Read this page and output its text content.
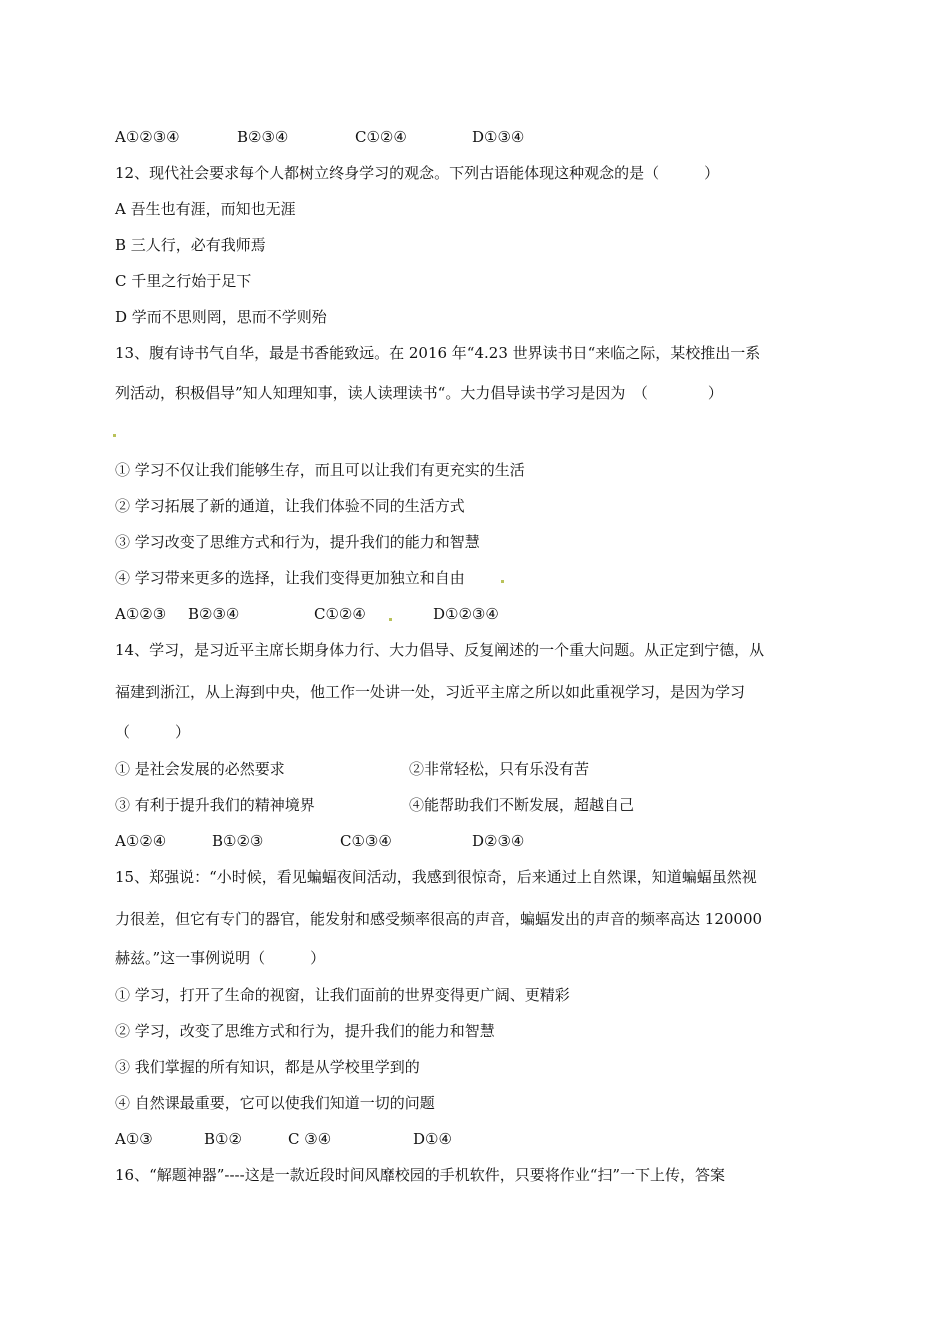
A①②③④	B②③④	C①②④	D①③④
12、现代社会要求每个人都树立终身学习的观念。下列古语能体现这种观念的是（　　　）
A 吾生也有涯，而知也无涯
B 三人行，必有我师焉
C 千里之行始于足下
D 学而不思则罔，思而不学则殆
13、腹有诗书气自华，最是书香能致远。在 2016 年“4.23 世界读书日“来临之际，某校推出一系
列活动，积极倡导”知人知理知事，读人读理读书“。大力倡导读书学习是因为　（　　　　）
① 学习不仅让我们能够生存，而且可以让我们有更充实的生活
② 学习拓展了新的通道，让我们体验不同的生活方式
③ 学习改变了思维方式和行为，提升我们的能力和智慧
④ 学习带来更多的选择，让我们变得更加独立和自由
A①②③ B②③④	C①②④	D①②③④
14、学习，是习近平主席长期身体力行、大力倡导、反复阐述的一个重大问题。从正定到宁德，从
福建到浙江，从上海到中央，他工作一处讲一处，习近平主席之所以如此重视学习，是因为学习
（　　　）
① 是社会发展的必然要求	②非常轻松，只有乐没有苦
③ 有利于提升我们的精神境界	④能帮助我们不断发展，超越自己
A①②④	B①②③	C①③④	D②③④
15、郑强说：“小时候，看见蝙蝠夜间活动，我感到很惊奇，后来通过上自然课，知道蝙蝠虽然视
力很差，但它有专门的器官，能发射和感受频率很高的声音，蝙蝠发出的声音的频率高达 120000
赫兹。”这一事例说明（　　　）
① 学习，打开了生命的视窗，让我们面前的世界变得更广阔、更精彩
② 学习，改变了思维方式和行为，提升我们的能力和智慧
③ 我们掌握的所有知识，都是从学校里学到的
④ 自然课最重要，它可以使我们知道一切的问题
A①③	B①②	C ③④	D①④
16、“解题神器”----这是一款近段时间风靡校园的手机软件，只要将作业“扫”一下上传，答案
